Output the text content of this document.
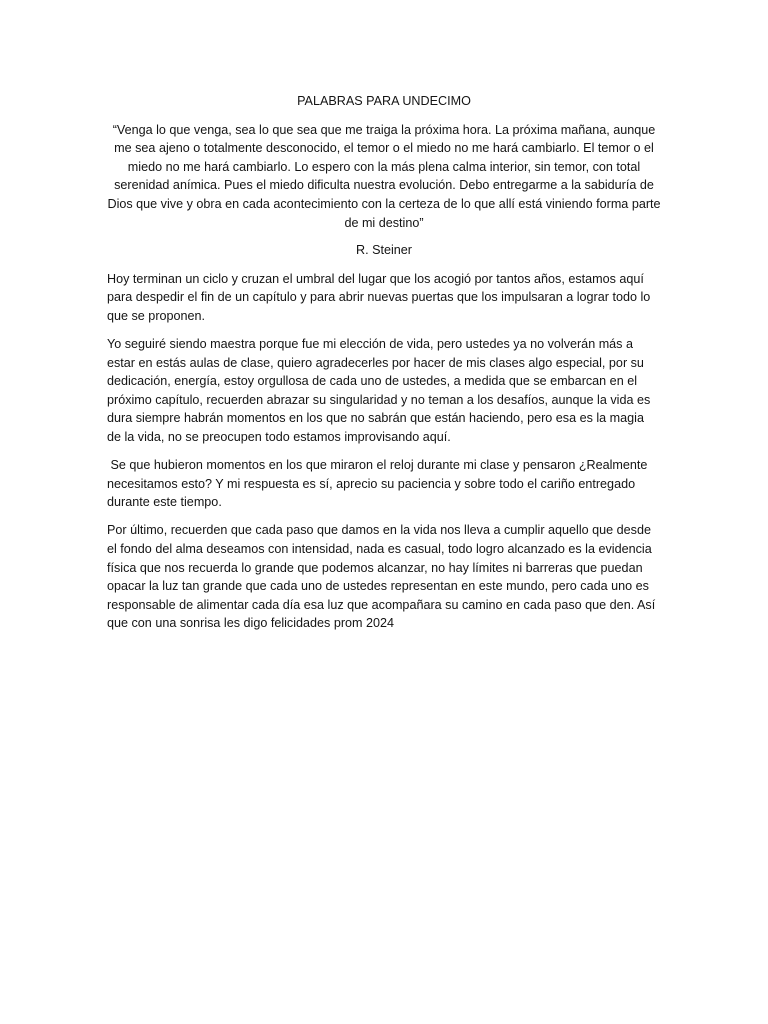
PALABRAS PARA UNDECIMO

“Venga lo que venga, sea lo que sea que me traiga la próxima hora. La próxima mañana, aunque me sea ajeno o totalmente desconocido, el temor o el miedo no me hará cambiarlo. El temor o el miedo no me hará cambiarlo. Lo espero con la más plena calma interior, sin temor, con total serenidad anímica. Pues el miedo dificulta nuestra evolución. Debo entregarme a la sabiduría de Dios que vive y obra en cada acontecimiento con la certeza de lo que allí está viniendo forma parte de mi destino”

R. Steiner

Hoy terminan un ciclo y cruzan el umbral del lugar que los acogió por tantos años, estamos aquí para despedir el fin de un capítulo y para abrir nuevas puertas que los impulsaran a lograr todo lo que se proponen.

Yo seguiré siendo maestra porque fue mi elección de vida, pero ustedes ya no volverán más a estar en estás aulas de clase, quiero agradecerles por hacer de mis clases algo especial, por su dedicación, energía, estoy orgullosa de cada uno de ustedes, a medida que se embarcan en el próximo capítulo, recuerden abrazar su singularidad y no teman a los desafíos, aunque la vida es dura siempre habrán momentos en los que no sabrán que están haciendo, pero esa es la magia de la vida, no se preocupen todo estamos improvisando aquí.

Se que hubieron momentos en los que miraron el reloj durante mi clase y pensaron ¿Realmente necesitamos esto? Y mi respuesta es sí, aprecio su paciencia y sobre todo el cariño entregado durante este tiempo.

Por último, recuerden que cada paso que damos en la vida nos lleva a cumplir aquello que desde el fondo del alma deseamos con intensidad, nada es casual, todo logro alcanzado es la evidencia física que nos recuerda lo grande que podemos alcanzar, no hay límites ni barreras que puedan opacar la luz tan grande que cada uno de ustedes representan en este mundo, pero cada uno es responsable de alimentar cada día esa luz que acompañara su camino en cada paso que den. Así que con una sonrisa les digo felicidades prom 2024
